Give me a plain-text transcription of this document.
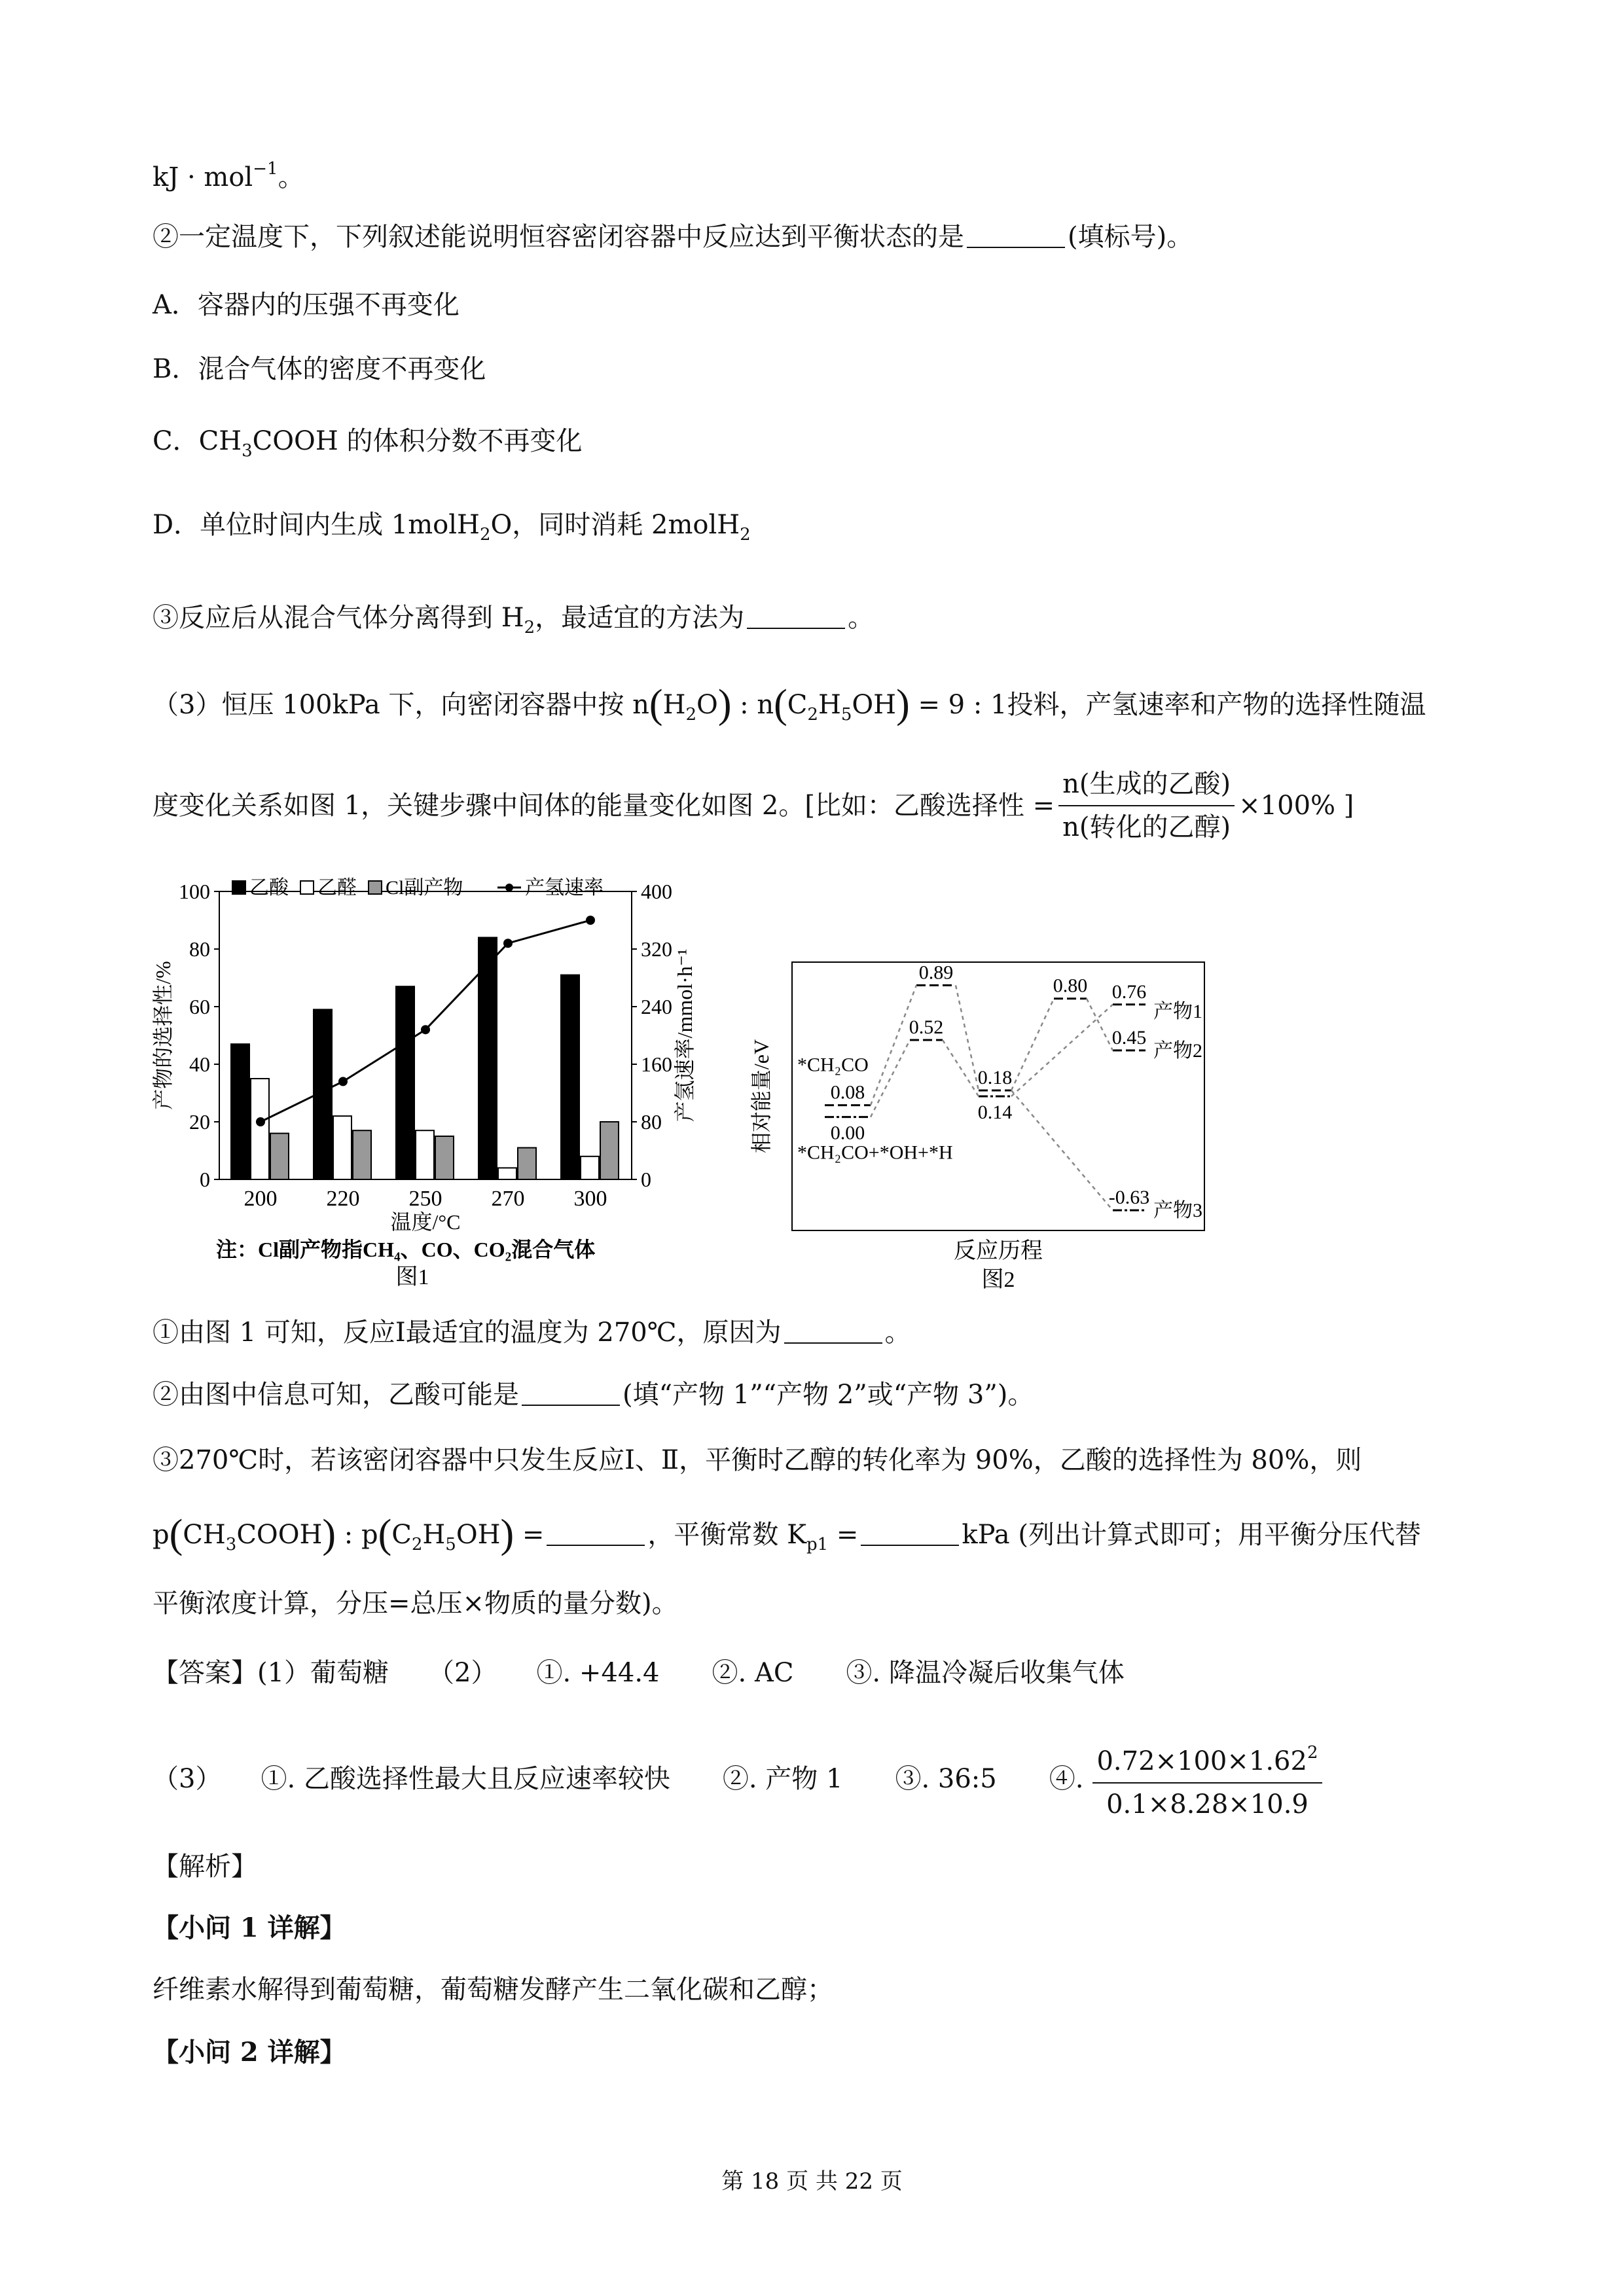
kJ · mol$^{-1}$。
②一定温度下，下列叙述能说明恒容密闭容器中反应达到平衡状态的是	(填标号)。
A．容器内的压强不再变化
B．混合气体的密度不再变化
C．$CH_3COOH$ 的体积分数不再变化
D．单位时间内生成 1molH$_2$O，同时消耗 2molH$_2$
③反应后从混合气体分离得到 $H_2$，最适宜的方法为	。
（3）恒压 100kPa 下，向密闭容器中按 $n(H_2O)$ : $n(C_2H_5OH) = 9$ : 1投料，产氢速率和产物的选择性随温
度变化关系如图 1，关键步骤中间体的能量变化如图 2。[比如：乙酸选择性 = $\frac{\text{n(生成的乙酸)}}{\text{n(转化的乙醇)}} \times 100\%$ ]
0
20
40
60
80
100
0
80
160
240
320
400
200 220 250 270 300
温度/°C
产物的选择性/%	产氢速率/mmol·h⁻¹
乙酸 乙醛 Cl副产物	产氢速率
注：Cl副产物指CH₄、CO、CO₂混合气体
图1
0.08
0.00
0.89
0.52
0.18
0.14
0.80 0.76
0.45
-0.63
*CH₂CO
*CH₂CO+*OH+*H
产物1
产物2
产物3
相对能量/eV
反应历程
图2
①由图 1 可知，反应Ⅰ最适宜的温度为 270℃，原因为	。
②由图中信息可知，乙酸可能是	(填“产物 1”“产物 2”或“产物 3”)。
③270℃时，若该密闭容器中只发生反应Ⅰ、Ⅱ，平衡时乙醇的转化率为 90%，乙酸的选择性为 80%，则
$p(CH_3COOH)$ : $p(C_2H_5OH)$ =	，平衡常数 $K_{p1}$ =	kPa (列出计算式即可；用平衡分压代替
平衡浓度计算，分压=总压×物质的量分数)。
【答案】(1）葡萄糖　　（2）　　①. +44.4　　②. AC　　③. 降温冷凝后收集气体
（3）　　①. 乙酸选择性最大且反应速率较快　　②. 产物 1　　③. 36:5　　④. $\frac{0.72\times 100\times 1.62^2}{0.1\times 8.28\times 10.9}$
【解析】
【小问 1 详解】
纤维素水解得到葡萄糖，葡萄糖发酵产生二氧化碳和乙醇；
【小问 2 详解】
第 18 页 共 22 页
